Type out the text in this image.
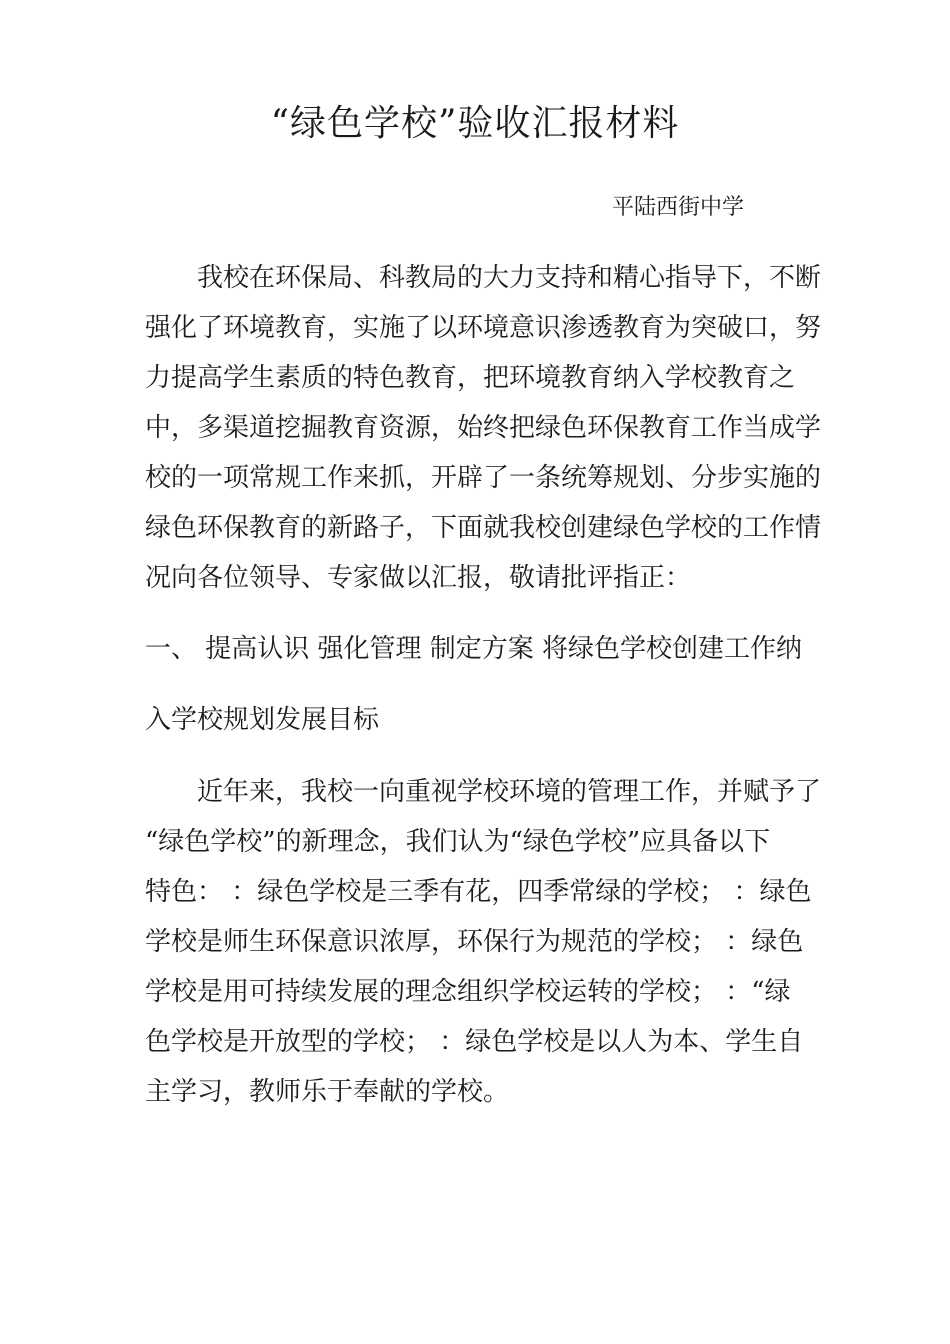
“绿色学校”验收汇报材料
平陆西街中学
我校在环保局、科教局的大力支持和精心指导下，不断
强化了环境教育，实施了以环境意识渗透教育为突破口，努
力提高学生素质的特色教育，把环境教育纳入学校教育之
中，多渠道挖掘教育资源，始终把绿色环保教育工作当成学
校的一项常规工作来抓，开辟了一条统筹规划、分步实施的
绿色环保教育的新路子，下面就我校创建绿色学校的工作情
况向各位领导、专家做以汇报，敬请批评指正：
一、 提高认识 强化管理 制定方案 将绿色学校创建工作纳
入学校规划发展目标
近年来，我校一向重视学校环境的管理工作，并赋予了
“绿色学校”的新理念，我们认为“绿色学校”应具备以下
特色： ：绿色学校是三季有花，四季常绿的学校； ：绿色
学校是师生环保意识浓厚，环保行为规范的学校； ：绿色
学校是用可持续发展的理念组织学校运转的学校； ：“绿
色学校是开放型的学校； ：绿色学校是以人为本、学生自
主学习，教师乐于奉献的学校。
